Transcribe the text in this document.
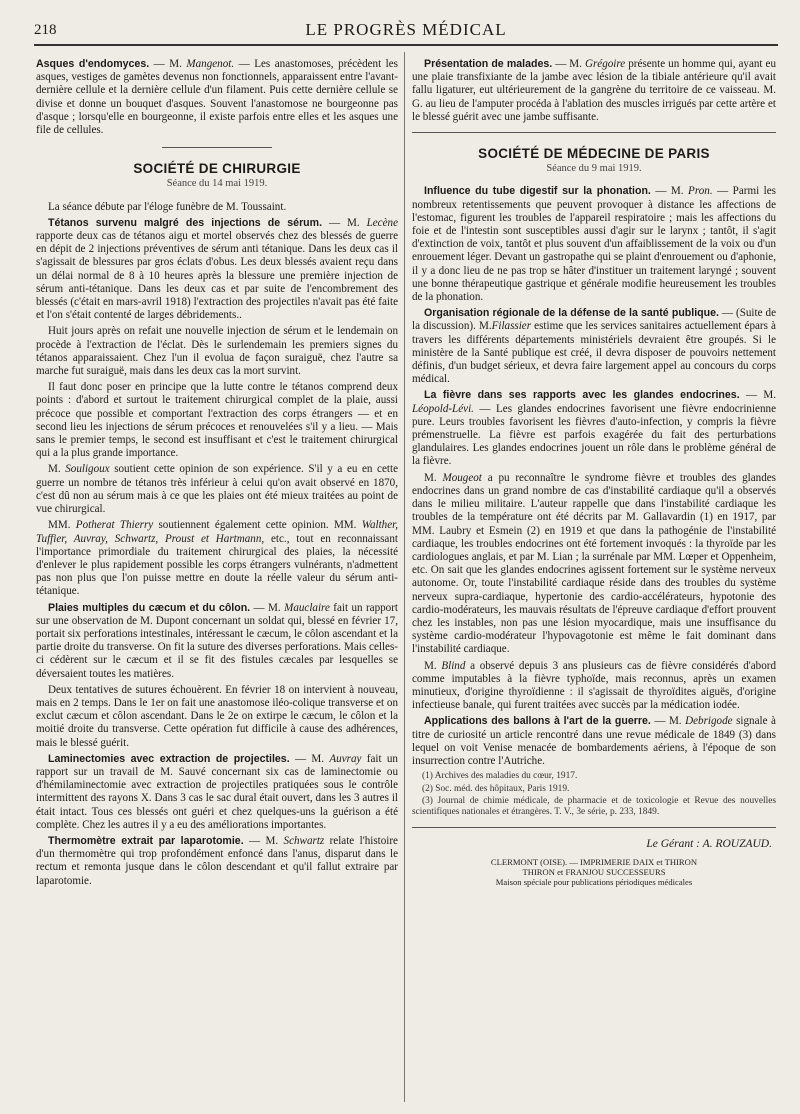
218	LE PROGRÈS MÉDICAL

Asques d'endomyces. — M. Mangenot. — Les anastomoses, précèdent les asques, vestiges de gamètes devenus non fonctionnels, apparaissent entre l'avant-dernière cellule et la dernière cellule d'un filament. Puis cette dernière cellule se divise et donne un bouquet d'asques. Souvent l'anastomose ne bourgeonne pas d'asque ; lorsqu'elle en bourgeonne, il existe parfois entre elles et les asques une file de cellules.

SOCIÉTÉ DE CHIRURGIE
Séance du 14 mai 1919.

La séance débute par l'éloge funèbre de M. Toussaint.

Tétanos survenu malgré des injections de sérum. — M. Lecène rapporte deux cas de tétanos aigu et mortel observés chez des blessés de guerre en dépit de 2 injections préventives de sérum anti tétanique. Dans les deux cas il s'agissait de blessures par gros éclats d'obus. Les deux blessés avaient reçu dans un délai normal de 8 à 10 heures après la blessure une première injection de sérum anti-tétanique. Dans les deux cas et par suite de l'encombrement des blessés (c'était en mars-avril 1918) l'extraction des projectiles n'avait pas été faite et l'on s'était contenté de larges débridements..

Huit jours après on refait une nouvelle injection de sérum et le lendemain on procède à l'extraction de l'éclat. Dès le surlendemain les premiers signes du tétanos apparaissaient. Chez l'un il evolua de façon suraiguë, chez l'autre sa marche fut suraiguë, mais dans les deux cas la mort survint.

Il faut donc poser en principe que la lutte contre le tétanos comprend deux points : d'abord et surtout le traitement chirurgical complet de la plaie, aussi précoce que possible et comportant l'extraction des corps étrangers — et en second lieu les injections de sérum précoces et renouvelées s'il y a lieu. — Mais sans le premier temps, le second est insuffisant et c'est le traitement chirurgical qui a la plus grande importance.

M. Souligoux soutient cette opinion de son expérience. S'il y a eu en cette guerre un nombre de tétanos très inférieur à celui qu'on avait observé en 1870, c'est dû non au sérum mais à ce que les plaies ont été mieux traitées au point de vue chirurgical.

MM. Potherat Thierry soutiennent également cette opinion. MM. Walther, Tuffier, Auvray, Schwartz, Proust et Hartmann, etc., tout en reconnaissant l'importance primordiale du traitement chirurgical des plaies, la nécessité d'enlever le plus rapidement possible les corps étrangers vulnérants, n'admettent pas non plus que l'on puisse mettre en doute la réelle valeur du sérum anti-tétanique.

Plaies multiples du cæcum et du côlon. — M. Mauclaire fait un rapport sur une observation de M. Dupont concernant un soldat qui, blessé en février 17, portait six perforations intestinales, intéressant le cæcum, le côlon ascendant et la partie droite du transverse. On fit la suture des diverses perforations. Mais celles-ci cédèrent sur le cæcum et il se fit des fistules cæcales par lesquelles se déversaient toutes les matières.

Deux tentatives de sutures échouèrent. En février 18 on intervient à nouveau, mais en 2 temps. Dans le 1er on fait une anastomose iléo-colique transverse et on exclut cæcum et côlon ascendant. Dans le 2e on extirpe le cæcum, le côlon et la moitié droite du transverse. Cette opération fut difficile à cause des adhérences, mais le blessé guérit.

Laminectomies avec extraction de projectiles. — M. Auvray fait un rapport sur un travail de M. Sauvé concernant six cas de laminectomie ou d'hémilaminectomie avec extraction de projectiles pratiquées sous le contrôle intermittent des rayons X. Dans 3 cas le sac dural était ouvert, dans les 3 autres il était intact. Tous ces blessés ont guéri et chez quelques-uns la guérison a été complète. Chez les autres il y a eu des améliorations importantes.

Thermomètre extrait par laparotomie. — M. Schwartz relate l'histoire d'un thermomètre qui trop profondément enfoncé dans l'anus, disparut dans le rectum et remonta jusque dans le côlon descendant et qu'il fallut extraire par laparotomie.

Présentation de malades. — M. Grégoire présente un homme qui, ayant eu une plaie transfixiante de la jambe avec lésion de la tibiale antérieure qu'il avait fallu ligaturer, eut ultérieurement de la gangrène du territoire de ce vaisseau. M. G. au lieu de l'amputer procéda à l'ablation des muscles irrigués par cette artère et le blessé guérit avec une jambe suffisante.

SOCIÉTÉ DE MÉDECINE DE PARIS
Séance du 9 mai 1919.

Influence du tube digestif sur la phonation. — M. Pron. — Parmi les nombreux retentissements que peuvent provoquer à distance les affections de l'estomac, figurent les troubles de l'appareil respiratoire ; mais les affections du foie et de l'intestin sont susceptibles aussi d'agir sur le larynx ; tantôt, il s'agit d'extinction de voix, tantôt et plus souvent d'un affaiblissement de la voix ou d'un enrouement léger. Devant un gastropathe qui se plaint d'enrouement ou d'aphonie, il y a donc lieu de ne pas trop se hâter d'instituer un traitement laryngé ; souvent une bonne thérapeutique gastrique et générale modifie heureusement les troubles de la phonation.

Organisation régionale de la défense de la santé publique. — (Suite de la discussion). M.Filassier estime que les services sanitaires actuellement épars à travers les différents départements ministériels devraient être groupés. Si le ministère de la Santé publique est créé, il devra disposer de pouvoirs nettement définis, d'un budget sérieux, et devra faire largement appel au concours du corps médical.

La fièvre dans ses rapports avec les glandes endocrines. — M. Léopold-Lévi. — Les glandes endocrines favorisent une fièvre endocrinienne pure. Leurs troubles favorisent les fièvres d'auto-infection, y compris la fièvre prémenstruelle. La fièvre est parfois exagérée du fait des perturbations glandulaires. Les glandes endocrines jouent un rôle dans le problème général de la fièvre.

M. Mougeot a pu reconnaître le syndrome fièvre et troubles des glandes endocrines dans un grand nombre de cas d'instabilité cardiaque qu'il a observés dans le milieu militaire. L'auteur rappelle que dans l'instabilité cardiaque les troubles de la température ont été décrits par M. Gallavardin (1) en 1917, par MM. Laubry et Esmein (2) en 1919 et que dans la pathogénie de l'instabilité cardiaque, les troubles endocrines ont été fortement invoqués : la thyroïde par les cardiologues anglais, et par M. Lian ; la surrénale par MM. Lœper et Oppenheim, etc. On sait que les glandes endocrines agissent fortement sur le système nerveux autonome. Or, toute l'instabilité cardiaque réside dans des troubles du système nerveux supra-cardiaque, hypertonie des cardio-accélérateurs, hypotonie des cardio-modérateurs, les mauvais résultats de l'épreuve cardiaque d'effort prouvent chez les instables, non pas une lésion myocardique, mais une insuffisance du système cardio-modérateur l'hypovagotonie est même le fait dominant dans l'instabilité cardiaque.

M. Blind a observé depuis 3 ans plusieurs cas de fièvre considérés d'abord comme imputables à la fièvre typhoïde, mais reconnus, après un examen minutieux, d'origine thyroïdienne : il s'agissait de thyroïdites aiguës, d'origine infectieuse banale, qui furent traitées avec succès par la médication iodée.

Applications des ballons à l'art de la guerre. — M. Debrigode signale à titre de curiosité un article rencontré dans une revue médicale de 1849 (3) dans lequel on voit Venise menacée de bombardements aériens, à l'époque de son insurrection contre l'Autriche.

(1) Archives des maladies du cœur, 1917.

(2) Soc. méd. des hôpitaux, Paris 1919.

(3) Journal de chimie médicale, de pharmacie et de toxicologie et Revue des nouvelles scientifiques nationales et étrangères. T. V., 3e série, p. 233, 1849.

Le Gérant : A. ROUZAUD.
CLERMONT (OISE). — IMPRIMERIE DAIX et THIRON
THIRON et FRANJOU SUCCESSEURS
Maison spéciale pour publications périodiques médicales
